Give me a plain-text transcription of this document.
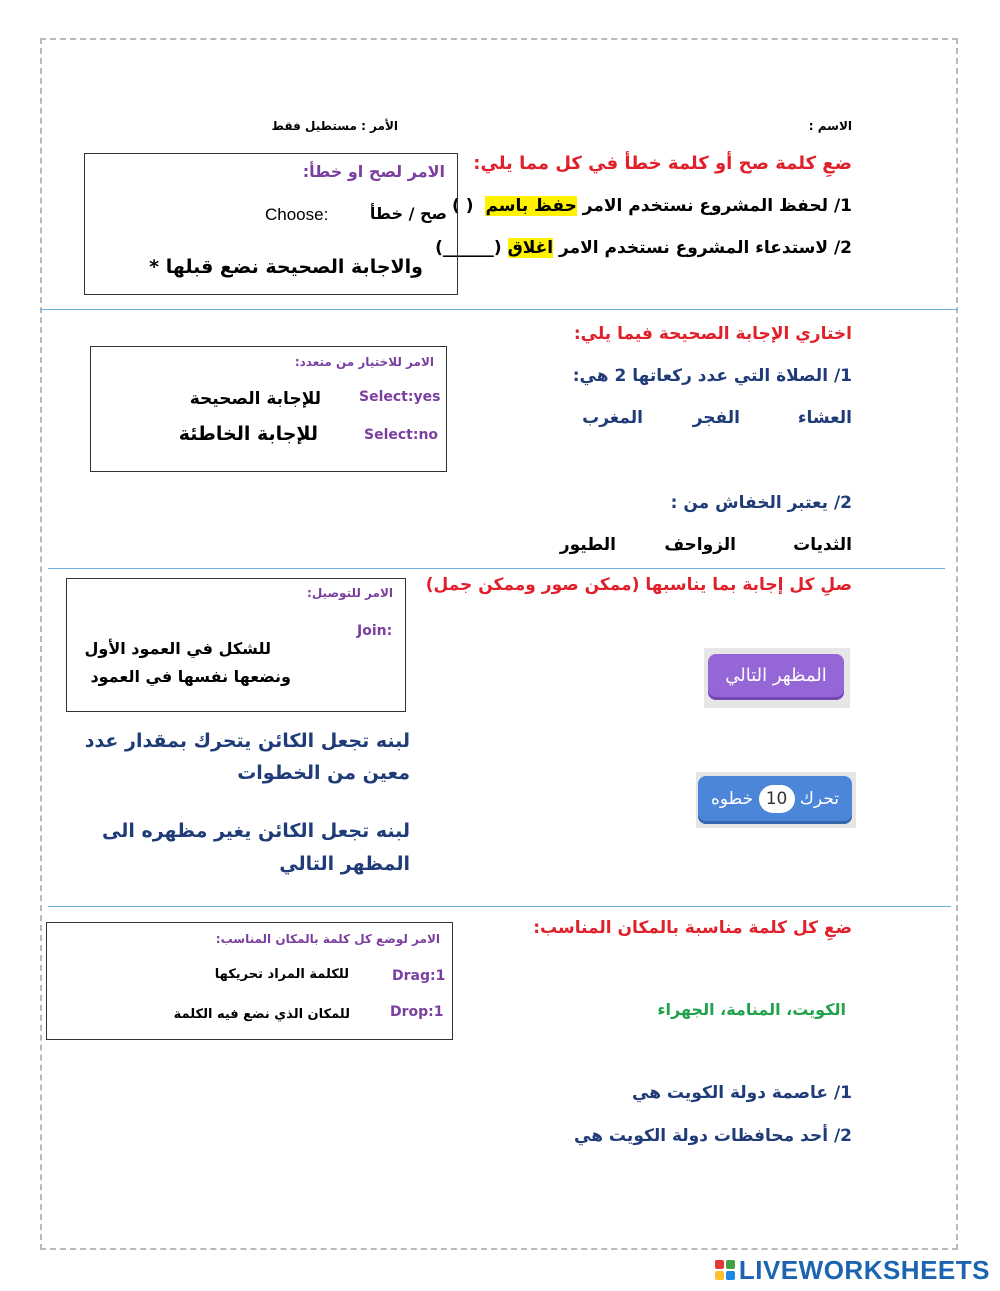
الاسم :
الأمر : مستطيل فقط
ضعِ كلمة صح أو كلمة خطأ في كل مما يلي:
1/ لحفظ المشروع نستخدم الامر حفظ باسم ( )
2/ لاستدعاء المشروع نستخدم الامر اغلاق (______)
الامر لصح او خطأ:
صح / خطأ
Choose:
والاجابة الصحيحة نضع قبلها *
اختاري الإجابة الصحيحة فيما يلي:
1/ الصلاة التي عدد ركعاتها 2 هي:
العشاء
الفجر
المغرب
2/ يعتبر الخفاش من :
الثديات
الزواحف
الطيور
الامر للاختيار من متعدد:
Select:yes
للإجابة الصحيحة
Select:no
للإجابة الخاطئة
صلِ كل إجابة بما يناسبها (ممكن صور وممكن جمل)
الامر للتوصيل:
Join:
للشكل في العمود الأول
ونضعها نفسها في العمود	المظهر التالي
تحرك 10 خطوه
لبنه تجعل الكائن يتحرك بمقدار عدد
معين من الخطوات
لبنه تجعل الكائن يغير مظهره الى
المظهر التالي
ضعِ كل كلمة مناسبة بالمكان المناسب:
الامر لوضع كل كلمة بالمكان المناسب:
Drag:1
للكلمة المراد تحريكها
Drop:1
للمكان الذي نضع فيه الكلمة	الكويت، المنامة، الجهراء
1/ عاصمة دولة الكويت هي
2/ أحد محافظات دولة الكويت هي
LIVEWORKSHEETS
